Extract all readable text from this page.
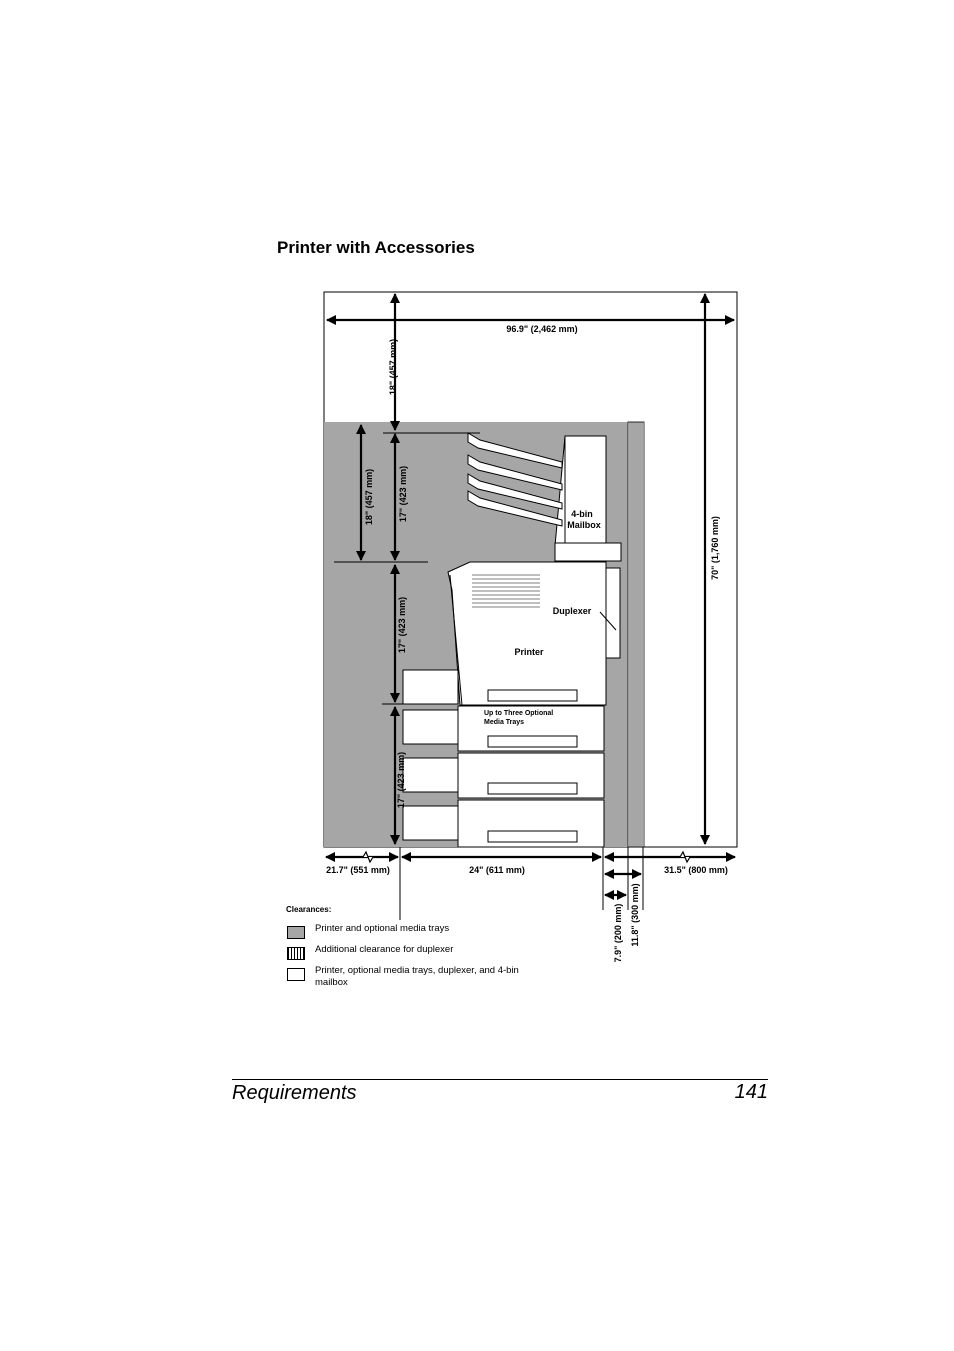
Printer with Accessories
96.9" (2,462 mm)
18" (457 mm)
18" (457 mm)	17" (423 mm)
17" (423 mm)
17" (423 mm)
70" (1,760 mm)
21.7" (551 mm)	24" (611 mm)	31.5" (800 mm)
11.8" (300 mm)
7.9" (200 mm)
4-bin
Mailbox
Duplexer
Printer
Up to Three Optional
Media Trays
Clearances:
Printer and optional media trays
Additional clearance for duplexer
Printer, optional media trays, duplexer, and 4-bin mailbox
Requirements	141
